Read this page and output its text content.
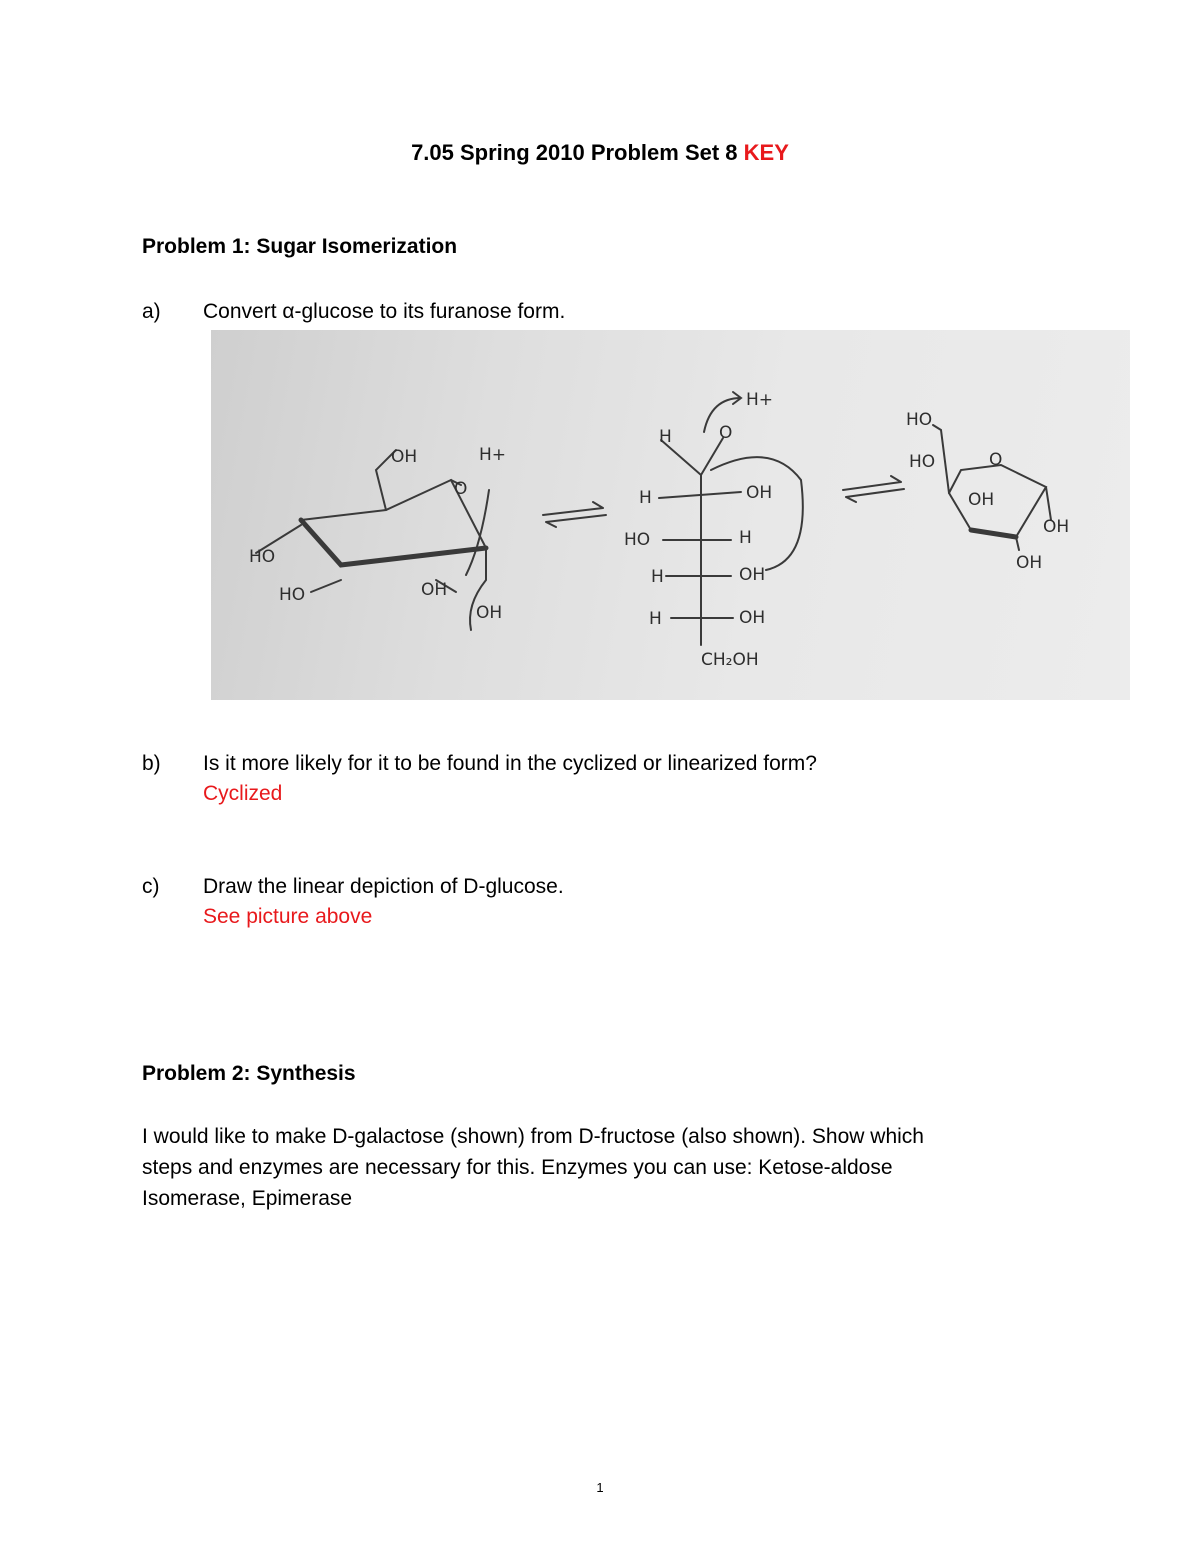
7.05 Spring 2010 Problem Set 8 KEY
Problem 1: Sugar Isomerization
a) Convert α-glucose to its furanose form.
OH	H+
O
HO
HO	OH
OH
H+
H	O
H	OH
HO	H
H	OH
H	OH
CH₂OH
HO
HO	O
OH
OH
OH
b) Is it more likely for it to be found in the cyclized or linearized form?
Cyclized
c) Draw the linear depiction of D-glucose.
See picture above
Problem 2: Synthesis
I would like to make D-galactose (shown) from D-fructose (also shown). Show which
steps and enzymes are necessary for this. Enzymes you can use: Ketose-aldose
Isomerase, Epimerase
1
